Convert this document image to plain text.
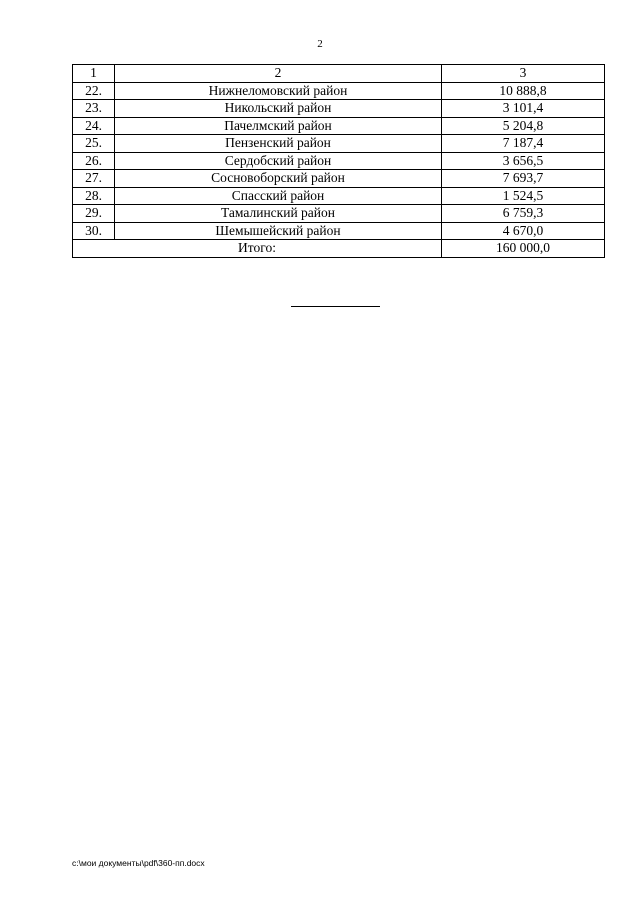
2
1	2	3
22.	Нижнеломовский район	10 888,8
23.	Никольский район	3 101,4
24.	Пачелмский район	5 204,8
25.	Пензенский район	7 187,4
26.	Сердобский район	3 656,5
27.	Сосновоборский район	7 693,7
28.	Спасский район	1 524,5
29.	Тамалинский район	6 759,3
30.	Шемышейский район	4 670,0
Итого:		160 000,0
c:\мои документы\pdf\360-пп.docx
